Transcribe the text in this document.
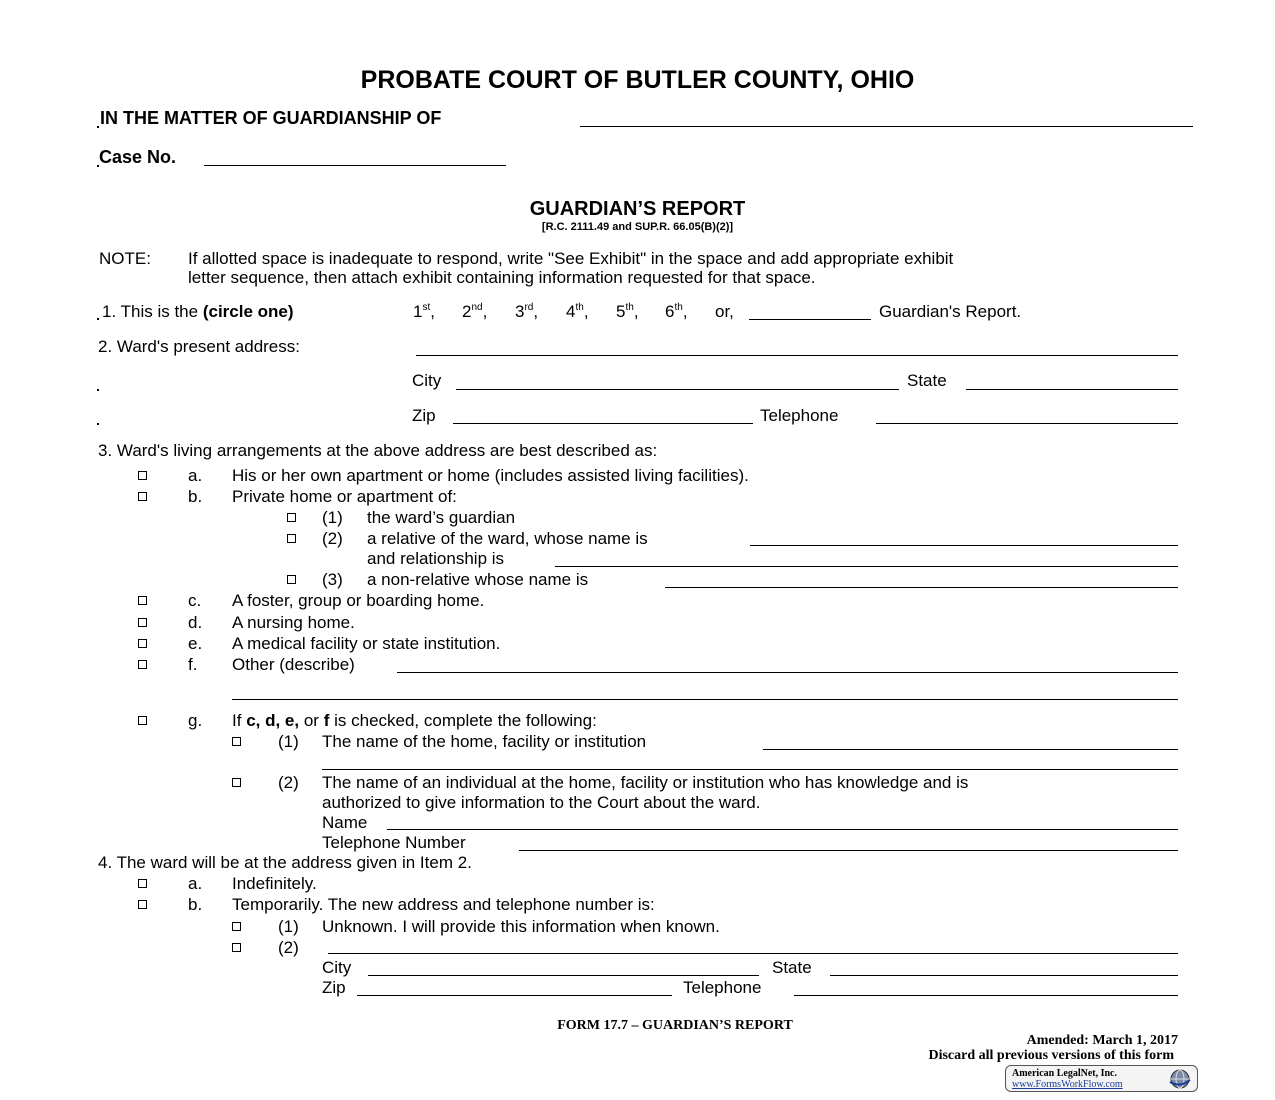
PROBATE COURT OF BUTLER COUNTY, OHIO
IN THE MATTER OF GUARDIANSHIP OF
Case No.
GUARDIAN’S REPORT
[R.C. 2111.49 and SUP.R. 66.05(B)(2)]
NOTE: If allotted space is inadequate to respond, write "See Exhibit" in the space and add appropriate exhibit
letter sequence, then attach exhibit containing information requested for that space.
1. This is the (circle one)	1st, 2nd, 3rd, 4th, 5th, 6th, or,	Guardian's Report.
2. Ward's present address:
City	State
Zip	Telephone
3. Ward's living arrangements at the above address are best described as:
a. His or her own apartment or home (includes assisted living facilities).
b. Private home or apartment of:
(1) the ward’s guardian
(2) a relative of the ward, whose name is
and relationship is
(3) a non-relative whose name is
c. A foster, group or boarding home.
d. A nursing home.
e. A medical facility or state institution.
f. Other (describe)
g. If c, d, e, or f is checked, complete the following:
(1) The name of the home, facility or institution
(2) The name of an individual at the home, facility or institution who has knowledge and is
authorized to give information to the Court about the ward.
Name
Telephone Number
4. The ward will be at the address given in Item 2.
a. Indefinitely.
b. Temporarily. The new address and telephone number is:
(1) Unknown. I will provide this information when known.
(2)
City	State
Zip	Telephone
FORM 17.7 – GUARDIAN’S REPORT
Amended: March 1, 2017
Discard all previous versions of this form
American LegalNet, Inc.
www.FormsWorkFlow.com
